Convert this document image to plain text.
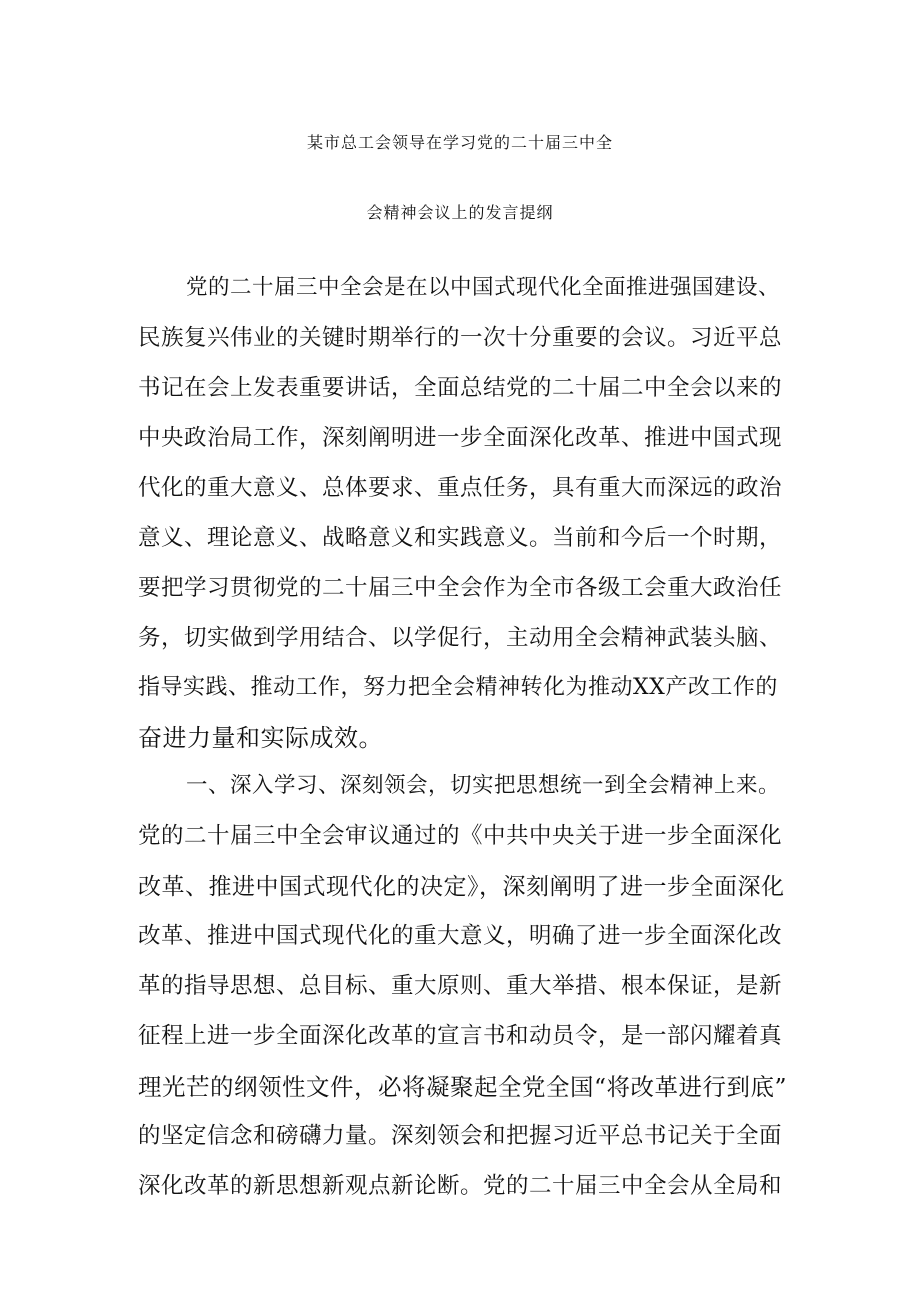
某市总工会领导在学习党的二十届三中全
会精神会议上的发言提纲
党的二十届三中全会是在以中国式现代化全面推进强国建设、
民族复兴伟业的关键时期举行的一次十分重要的会议。习近平总
书记在会上发表重要讲话，全面总结党的二十届二中全会以来的
中央政治局工作，深刻阐明进一步全面深化改革、推进中国式现
代化的重大意义、总体要求、重点任务，具有重大而深远的政治
意义、理论意义、战略意义和实践意义。当前和今后一个时期，
要把学习贯彻党的二十届三中全会作为全市各级工会重大政治任
务，切实做到学用结合、以学促行，主动用全会精神武装头脑、
指导实践、推动工作，努力把全会精神转化为推动XX产改工作的
奋进力量和实际成效。
一、深入学习、深刻领会，切实把思想统一到全会精神上来。
党的二十届三中全会审议通过的《中共中央关于进一步全面深化
改革、推进中国式现代化的决定》，深刻阐明了进一步全面深化
改革、推进中国式现代化的重大意义，明确了进一步全面深化改
革的指导思想、总目标、重大原则、重大举措、根本保证，是新
征程上进一步全面深化改革的宣言书和动员令，是一部闪耀着真
理光芒的纲领性文件，必将凝聚起全党全国“将改革进行到底”
的坚定信念和磅礴力量。深刻领会和把握习近平总书记关于全面
深化改革的新思想新观点新论断。党的二十届三中全会从全局和
